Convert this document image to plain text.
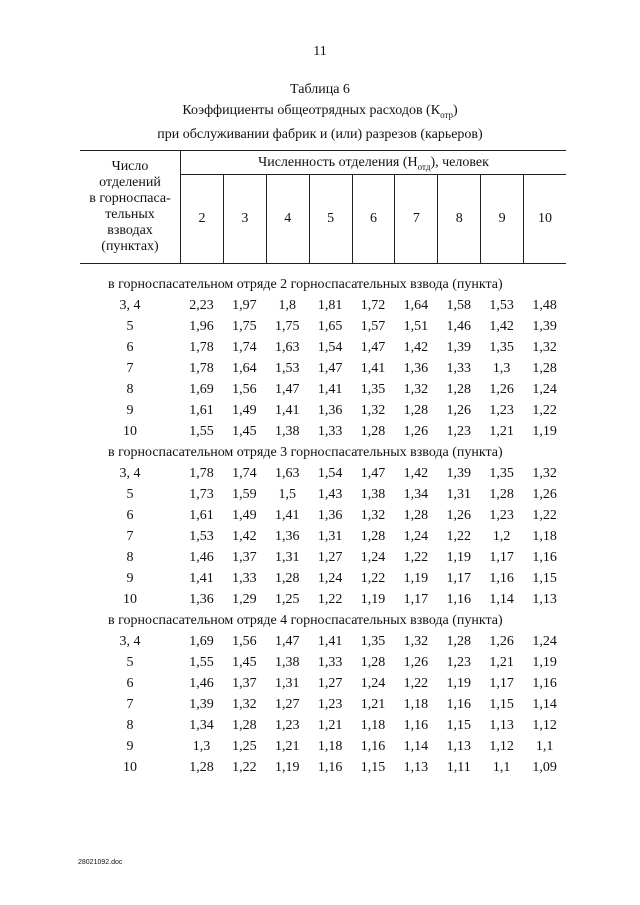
11
Таблица 6
Коэффициенты общеотрядных расходов $(К_{отр})$
при обслуживании фабрик и (или) разрезов (карьеров)
Число
отделений
в горноспаса-
тельных
взводах
(пунктах)
Численность отделения $(Н_{отд})$, человек
2	3	4	5	6	7	8	9	10
в горноспасательном отряде 2 горноспасательных взвода (пункта)
3, 4	2,23	1,97	1,8	1,81	1,72	1,64	1,58	1,53	1,48
5	1,96	1,75	1,75	1,65	1,57	1,51	1,46	1,42	1,39
6	1,78	1,74	1,63	1,54	1,47	1,42	1,39	1,35	1,32
7	1,78	1,64	1,53	1,47	1,41	1,36	1,33	1,3	1,28
8	1,69	1,56	1,47	1,41	1,35	1,32	1,28	1,26	1,24
9	1,61	1,49	1,41	1,36	1,32	1,28	1,26	1,23	1,22
10	1,55	1,45	1,38	1,33	1,28	1,26	1,23	1,21	1,19
в горноспасательном отряде 3 горноспасательных взвода (пункта)
3, 4	1,78	1,74	1,63	1,54	1,47	1,42	1,39	1,35	1,32
5	1,73	1,59	1,5	1,43	1,38	1,34	1,31	1,28	1,26
6	1,61	1,49	1,41	1,36	1,32	1,28	1,26	1,23	1,22
7	1,53	1,42	1,36	1,31	1,28	1,24	1,22	1,2	1,18
8	1,46	1,37	1,31	1,27	1,24	1,22	1,19	1,17	1,16
9	1,41	1,33	1,28	1,24	1,22	1,19	1,17	1,16	1,15
10	1,36	1,29	1,25	1,22	1,19	1,17	1,16	1,14	1,13
в горноспасательном отряде 4 горноспасательных взвода (пункта)
3, 4	1,69	1,56	1,47	1,41	1,35	1,32	1,28	1,26	1,24
5	1,55	1,45	1,38	1,33	1,28	1,26	1,23	1,21	1,19
6	1,46	1,37	1,31	1,27	1,24	1,22	1,19	1,17	1,16
7	1,39	1,32	1,27	1,23	1,21	1,18	1,16	1,15	1,14
8	1,34	1,28	1,23	1,21	1,18	1,16	1,15	1,13	1,12
9	1,3	1,25	1,21	1,18	1,16	1,14	1,13	1,12	1,1
10	1,28	1,22	1,19	1,16	1,15	1,13	1,11	1,1	1,09
28021092.doc
